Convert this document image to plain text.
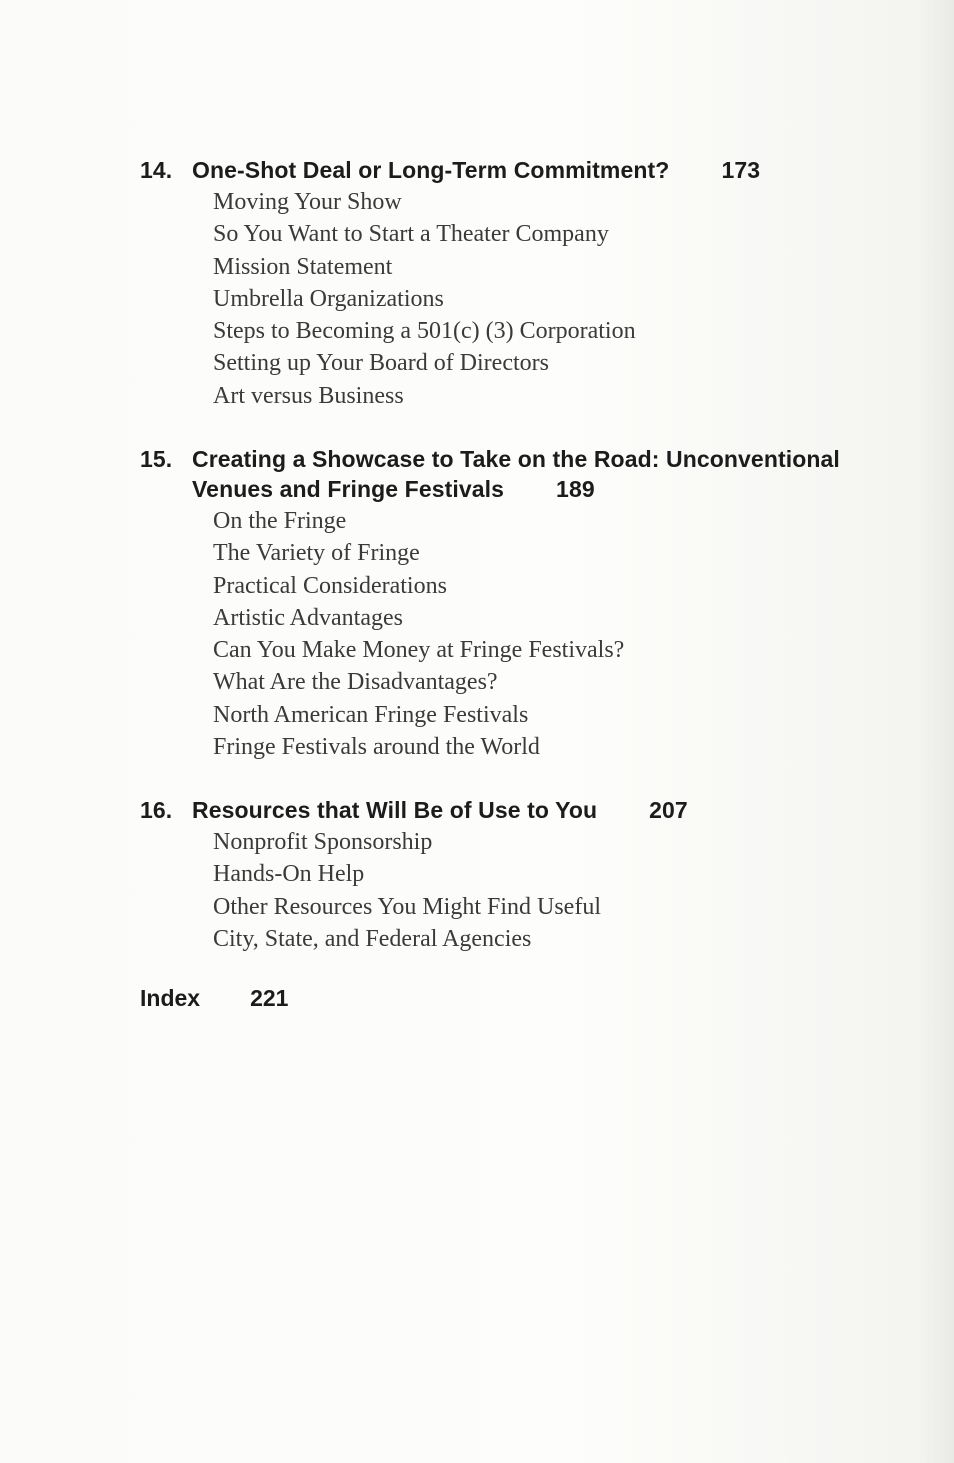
14. One-Shot Deal or Long-Term Commitment? 173
Moving Your Show
So You Want to Start a Theater Company
Mission Statement
Umbrella Organizations
Steps to Becoming a 501(c) (3) Corporation
Setting up Your Board of Directors
Art versus Business
15. Creating a Showcase to Take on the Road: Unconventional
Venues and Fringe Festivals 189
On the Fringe
The Variety of Fringe
Practical Considerations
Artistic Advantages
Can You Make Money at Fringe Festivals?
What Are the Disadvantages?
North American Fringe Festivals
Fringe Festivals around the World
16. Resources that Will Be of Use to You 207
Nonprofit Sponsorship
Hands-On Help
Other Resources You Might Find Useful
City, State, and Federal Agencies
Index 221
